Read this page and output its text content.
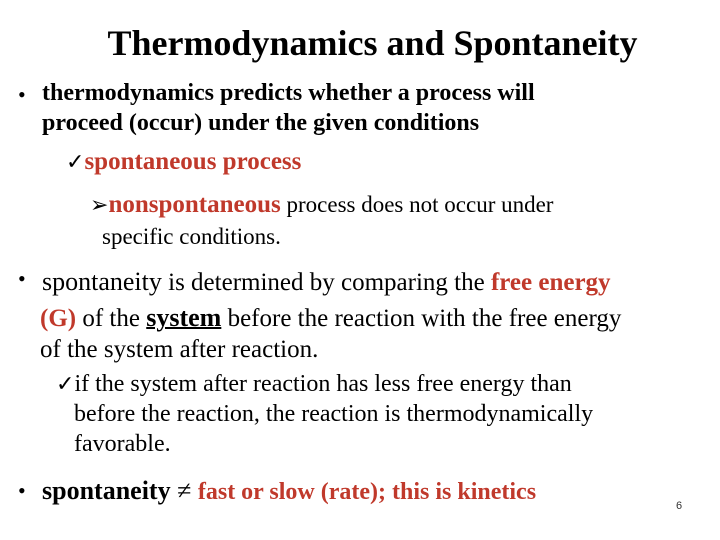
Thermodynamics and Spontaneity
• thermodynamics predicts whether a process will
proceed (occur) under the given conditions
✓spontaneous process
➢nonspontaneous process does not occur under
specific conditions.
• spontaneity is determined by comparing the free energy
(G) of the system before the reaction with the free energy
of the system after reaction.
✓if the system after reaction has less free energy than
before the reaction, the reaction is thermodynamically
favorable.
• spontaneity ≠ fast or slow (rate); this is kinetics
6
